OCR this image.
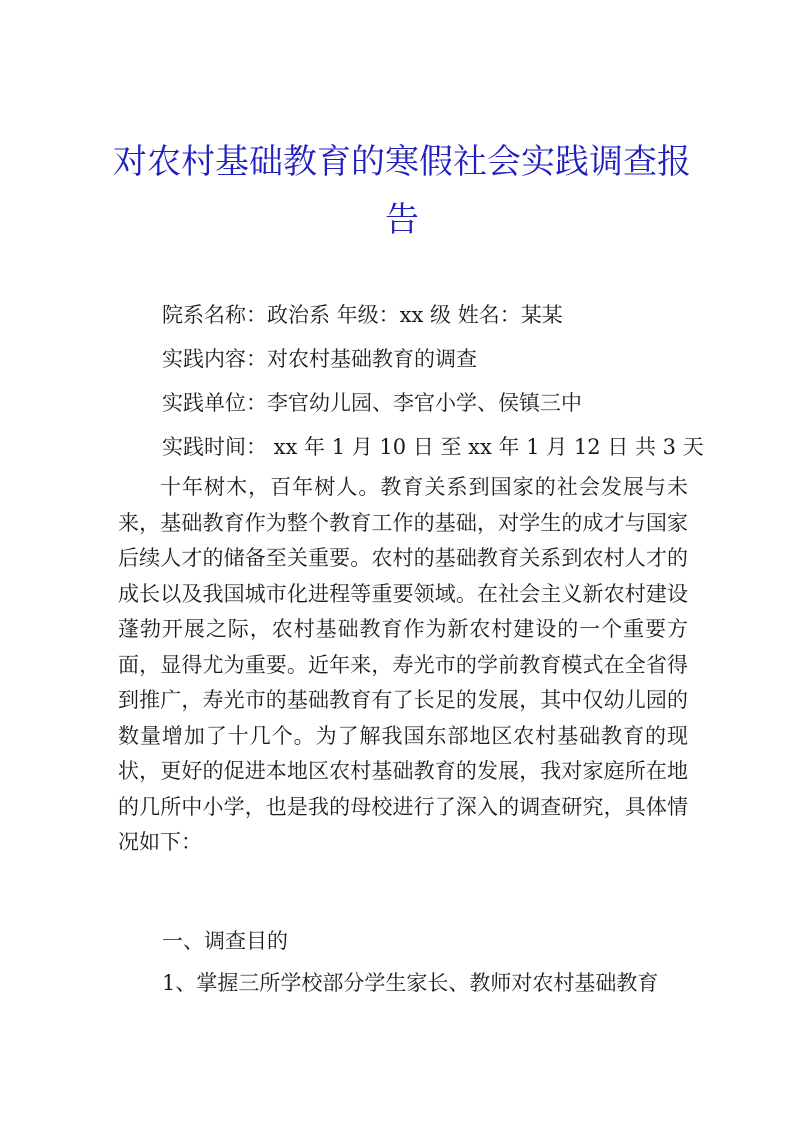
对农村基础教育的寒假社会实践调查报告

院系名称：政治系 年级：xx 级 姓名：某某

实践内容：对农村基础教育的调查

实践单位：李官幼儿园、李官小学、侯镇三中

实践时间： xx 年 1 月 10 日 至 xx 年 1 月 12 日 共 3 天

十年树木，百年树人。教育关系到国家的社会发展与未来，基础教育作为整个教育工作的基础，对学生的成才与国家后续人才的储备至关重要。农村的基础教育关系到农村人才的成长以及我国城市化进程等重要领域。在社会主义新农村建设蓬勃开展之际，农村基础教育作为新农村建设的一个重要方面，显得尤为重要。近年来，寿光市的学前教育模式在全省得到推广，寿光市的基础教育有了长足的发展，其中仅幼儿园的数量增加了十几个。为了解我国东部地区农村基础教育的现状，更好的促进本地区农村基础教育的发展，我对家庭所在地的几所中小学，也是我的母校进行了深入的调查研究，具体情况如下：

一、调查目的

1、掌握三所学校部分学生家长、教师对农村基础教育
